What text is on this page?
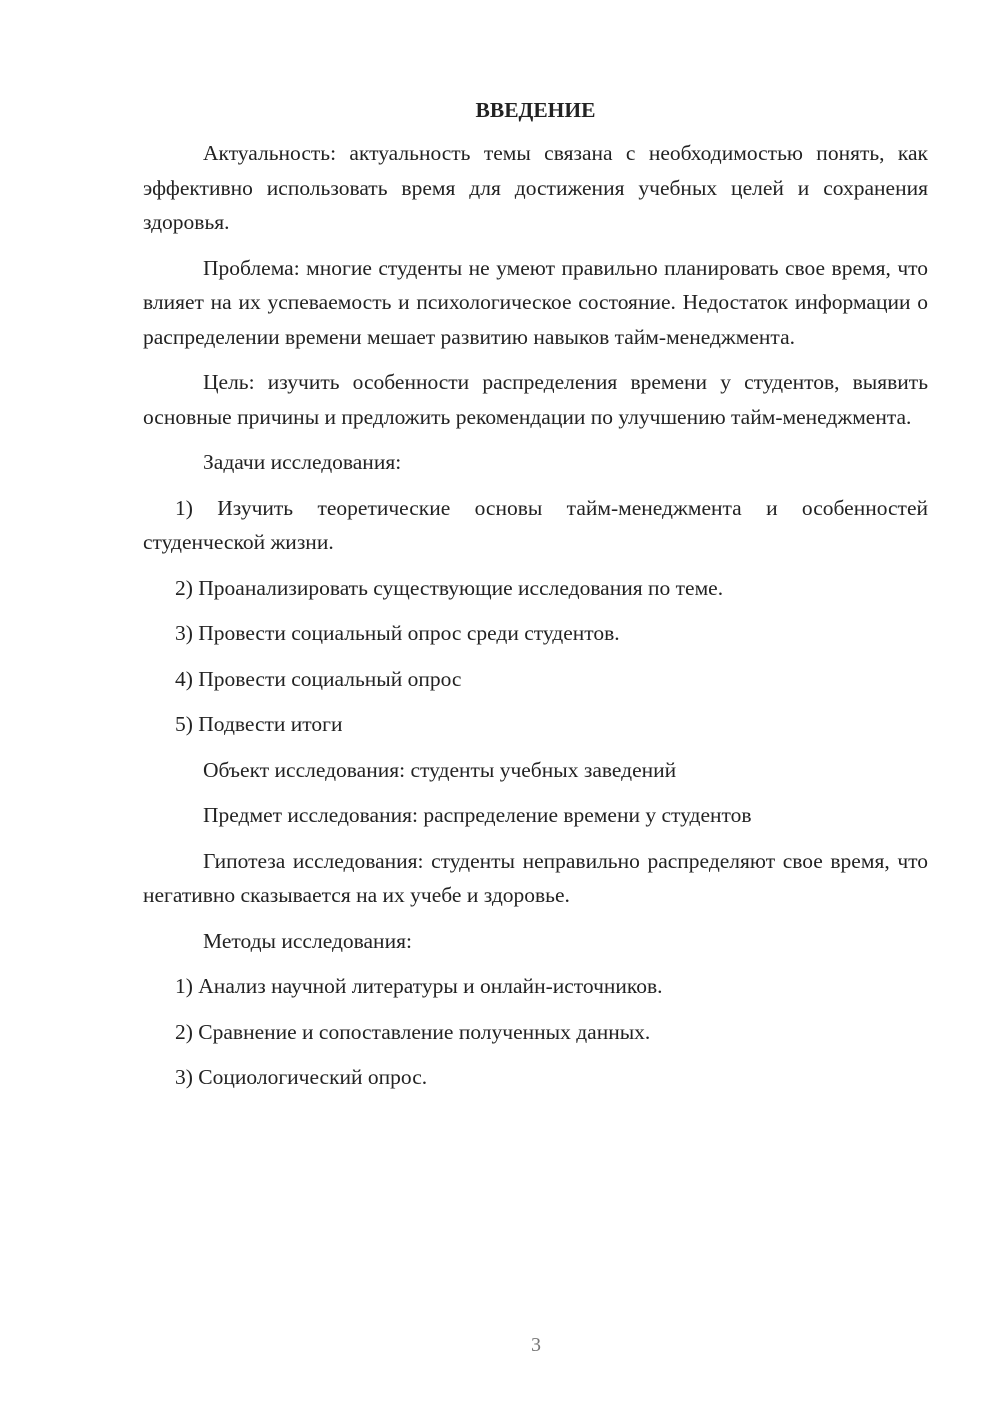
ВВЕДЕНИЕ

Актуальность: актуальность темы связана с необходимостью понять, как эффективно использовать время для достижения учебных целей и сохранения здоровья.

Проблема: многие студенты не умеют правильно планировать свое время, что влияет на их успеваемость и психологическое состояние. Недостаток информации о распределении времени мешает развитию навыков тайм-менеджмента.

Цель: изучить особенности распределения времени у студентов, выявить основные причины и предложить рекомендации по улучшению тайм-менеджмента.

Задачи исследования:

1) Изучить теоретические основы тайм-менеджмента и особенностей студенческой жизни.

2) Проанализировать существующие исследования по теме.

3) Провести социальный опрос среди студентов.

4) Провести социальный опрос

5) Подвести итоги

Объект исследования: студенты учебных заведений

Предмет исследования: распределение времени у студентов

Гипотеза исследования: студенты неправильно распределяют свое время, что негативно сказывается на их учебе и здоровье.

Методы исследования:

1) Анализ научной литературы и онлайн-источников.

2) Сравнение и сопоставление полученных данных.

3) Социологический опрос.

3
